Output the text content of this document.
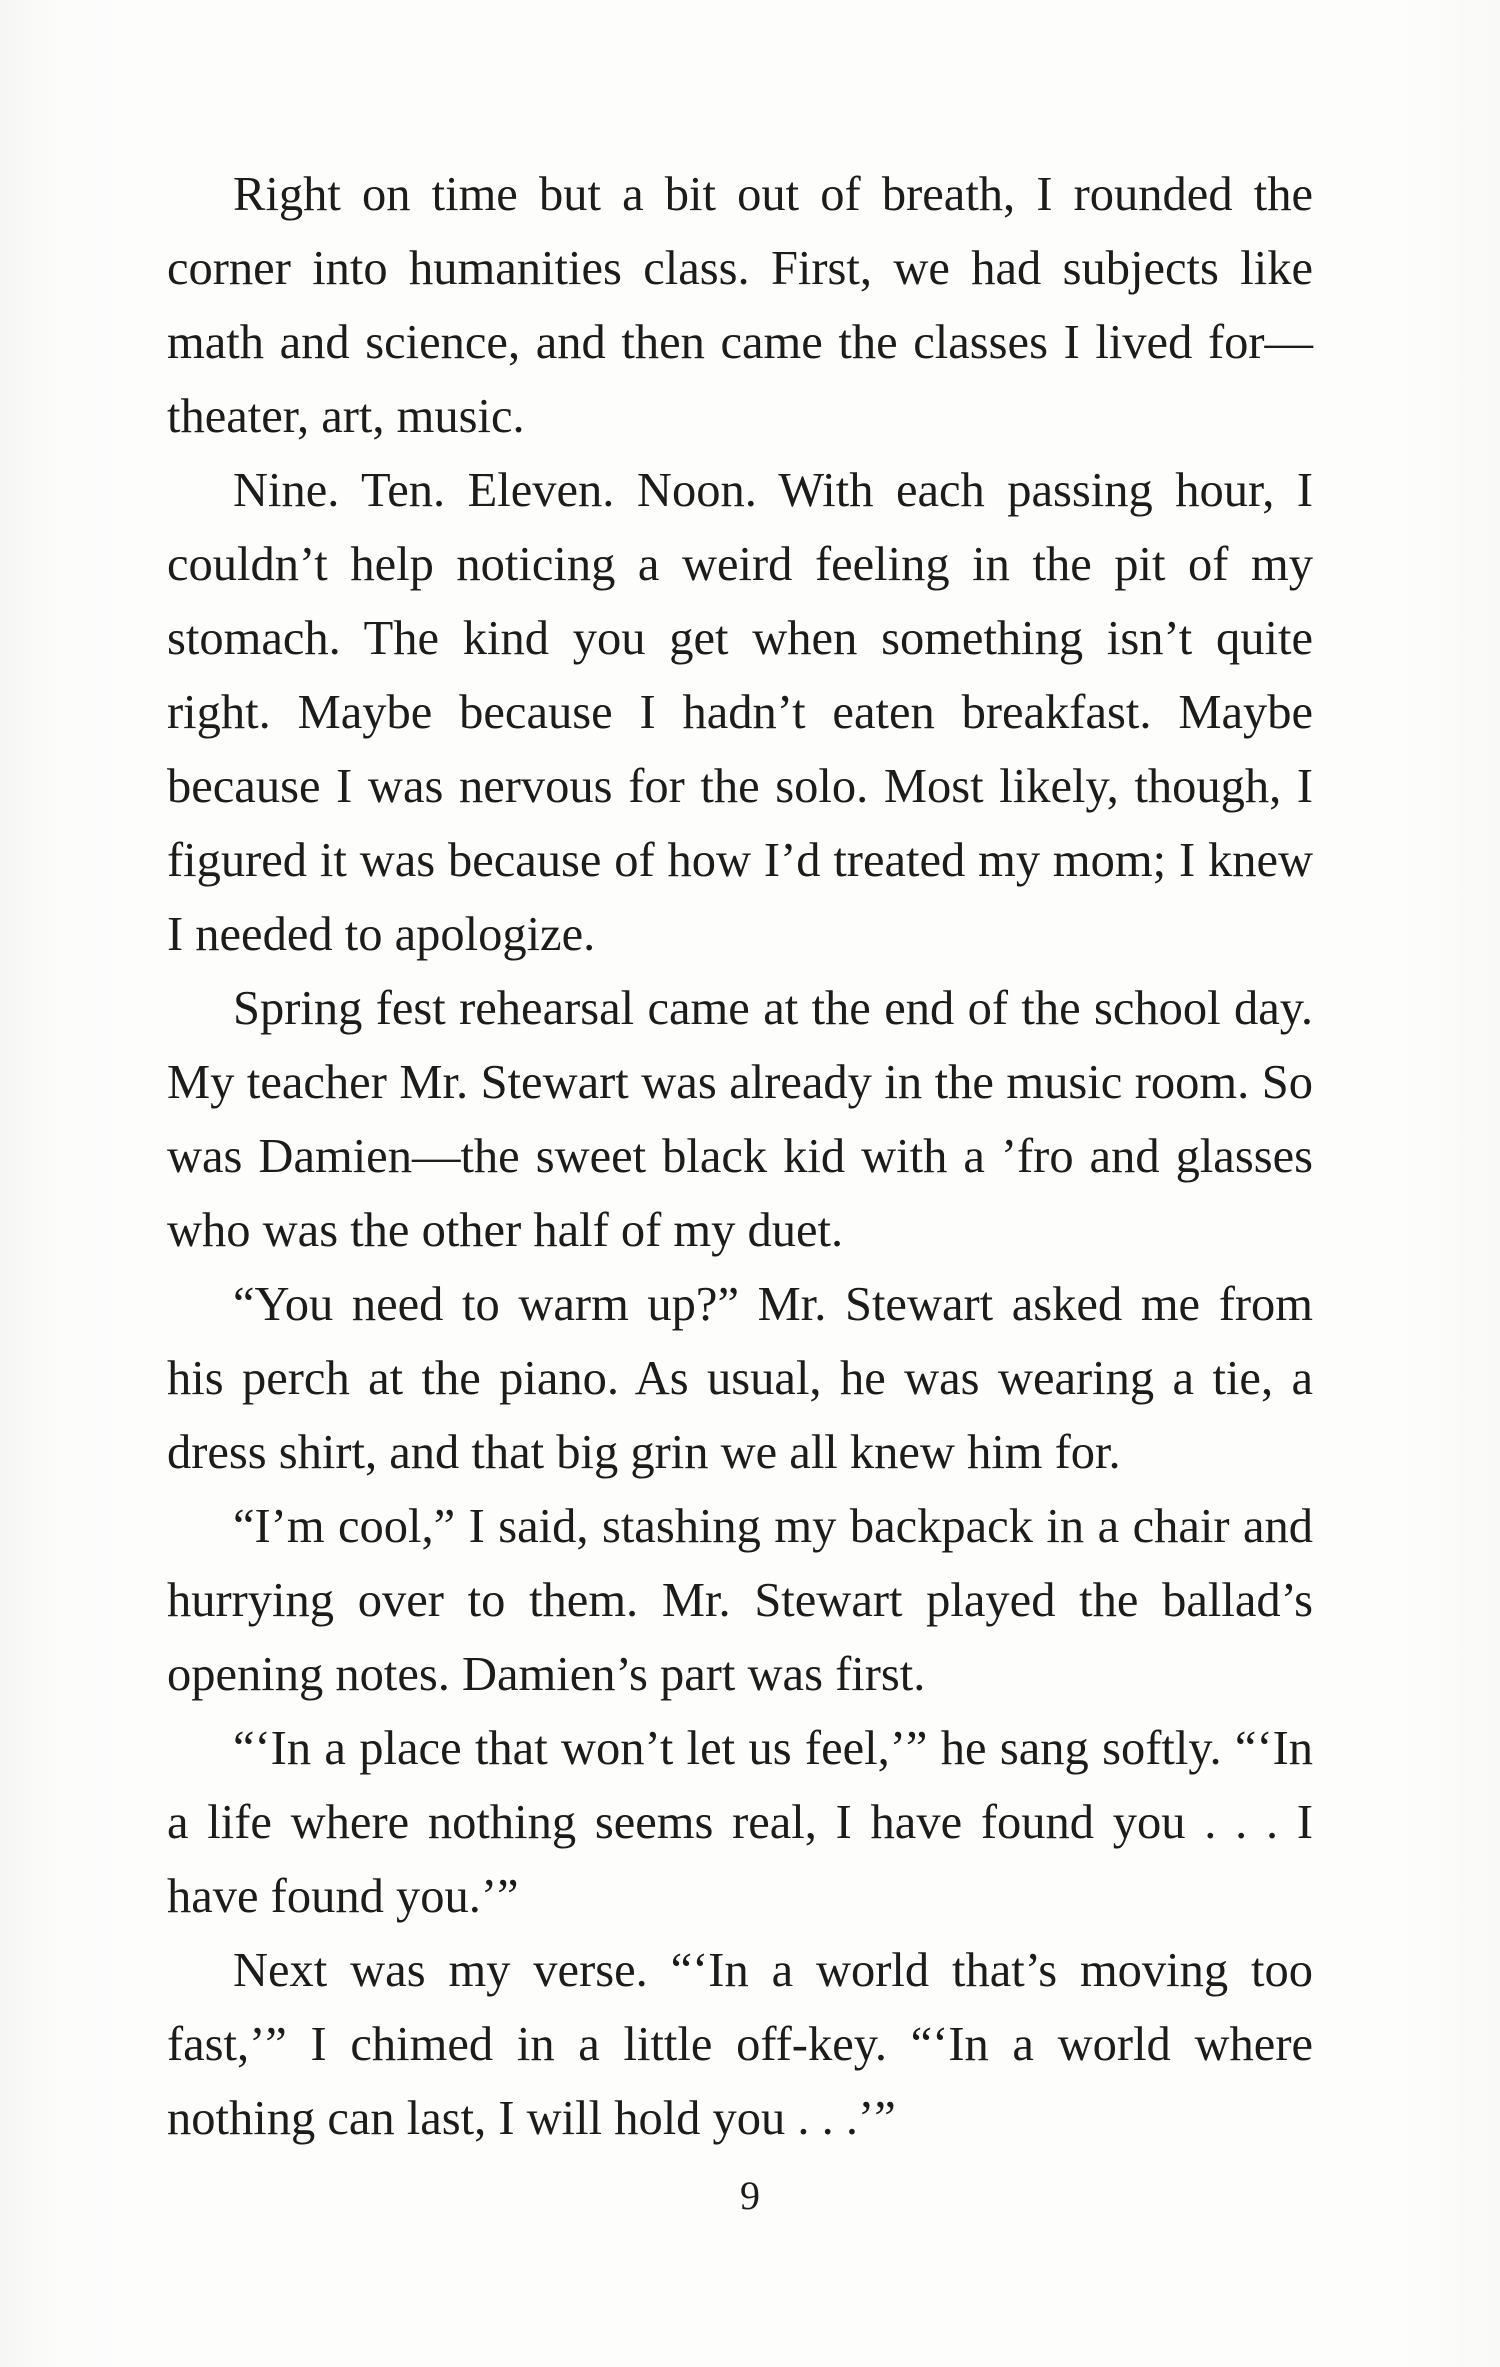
Right on time but a bit out of breath, I rounded the corner into humanities class. First, we had subjects like math and science, and then came the classes I lived for—theater, art, music.

Nine. Ten. Eleven. Noon. With each passing hour, I couldn’t help noticing a weird feeling in the pit of my stomach. The kind you get when something isn’t quite right. Maybe because I hadn’t eaten breakfast. Maybe because I was nervous for the solo. Most likely, though, I figured it was because of how I’d treated my mom; I knew I needed to apologize.

Spring fest rehearsal came at the end of the school day. My teacher Mr. Stewart was already in the music room. So was Damien—the sweet black kid with a ’fro and glasses who was the other half of my duet.

“You need to warm up?” Mr. Stewart asked me from his perch at the piano. As usual, he was wearing a tie, a dress shirt, and that big grin we all knew him for.

“I’m cool,” I said, stashing my backpack in a chair and hurrying over to them. Mr. Stewart played the ballad’s opening notes. Damien’s part was first.

“‘In a place that won’t let us feel,’” he sang softly. “‘In a life where nothing seems real, I have found you . . . I have found you.’”

Next was my verse. “‘In a world that’s moving too fast,’” I chimed in a little off-key. “‘In a world where nothing can last, I will hold you . . .’”

9
